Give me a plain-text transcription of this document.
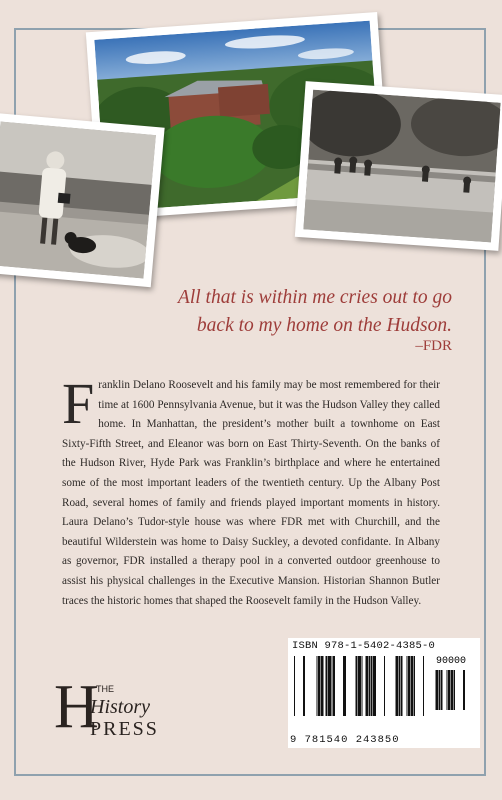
All that is within me cries out to go

back to my home on the Hudson.

–FDR
Franklin Delano Roosevelt and his family may be most remembered for their time at 1600 Pennsylvania Avenue, but it was the Hudson Valley they called home. In Manhattan, the president’s mother built a townhome on East Sixty-Fifth Street, and Eleanor was born on East Thirty-Seventh. On the banks of the Hudson River, Hyde Park was Franklin’s birthplace and where he entertained some of the most important leaders of the twentieth century. Up the Albany Post Road, several homes of family and friends played important moments in history. Laura Delano’s Tudor-style house was where FDR met with Churchill, and the beautiful Wilderstein was home to Daisy Suckley, a devoted confidante. In Albany as governor, FDR installed a therapy pool in a converted outdoor greenhouse to assist his physical challenges in the Executive Mansion. Historian Shannon Butler traces the historic homes that shaped the Roosevelt family in the Hudson Valley.
ISBN 978-1-5402-4385-0
90000
9 781540 243850
H
THE
History
PRESS
